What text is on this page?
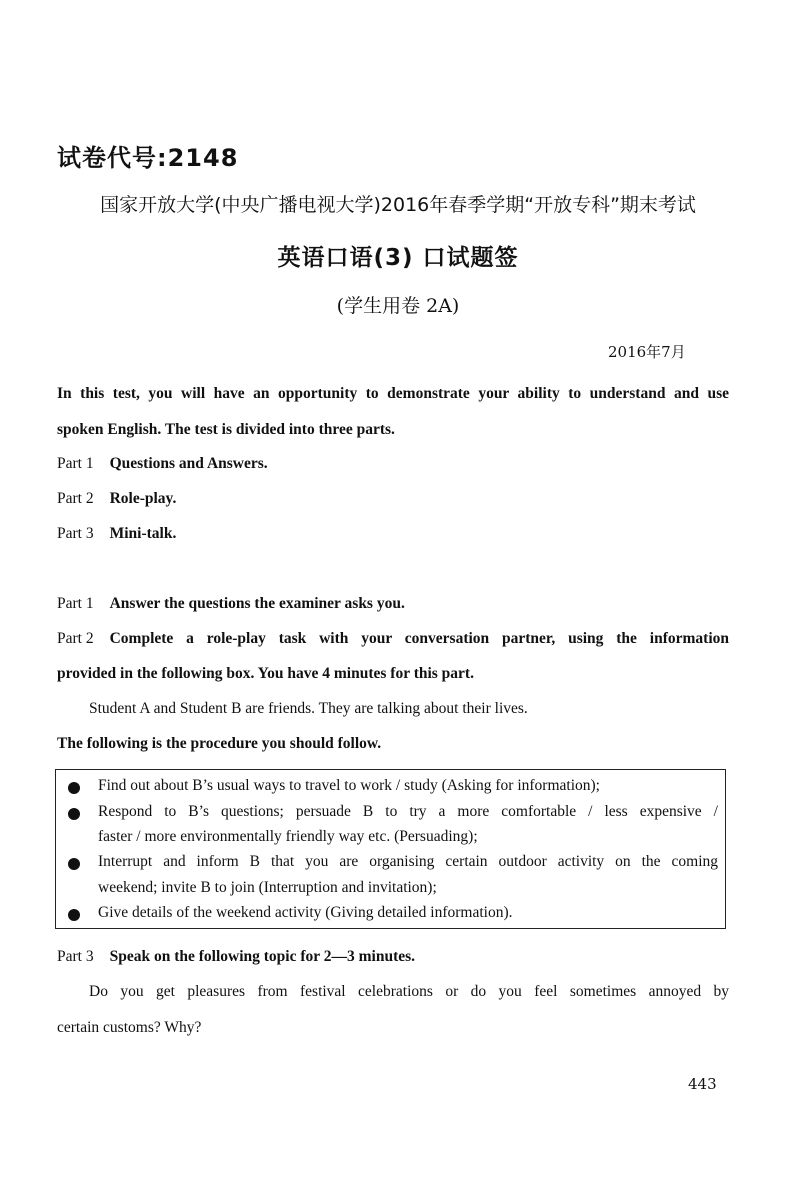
试卷代号:2148
国家开放大学(中央广播电视大学)2016年春季学期“开放专科”期末考试
英语口语(3) 口试题签
(学生用卷 2A)
2016年7月
In this test, you will have an opportunity to demonstrate your ability to understand and use
spoken English. The test is divided into three parts.
Part 1 Questions and Answers.
Part 2 Role-play.
Part 3 Mini-talk.
Part 1 Answer the questions the examiner asks you.
Part 2 Complete a role-play task with your conversation partner, using the information
provided in the following box. You have 4 minutes for this part.
Student A and Student B are friends. They are talking about their lives.
The following is the procedure you should follow.
Find out about B’s usual ways to travel to work / study (Asking for information);
Respond to B’s questions; persuade B to try a more comfortable / less expensive /
faster / more environmentally friendly way etc. (Persuading);
Interrupt and inform B that you are organising certain outdoor activity on the coming
weekend; invite B to join (Interruption and invitation);
Give details of the weekend activity (Giving detailed information).
Part 3 Speak on the following topic for 2—3 minutes.
Do you get pleasures from festival celebrations or do you feel sometimes annoyed by
certain customs? Why?
443
